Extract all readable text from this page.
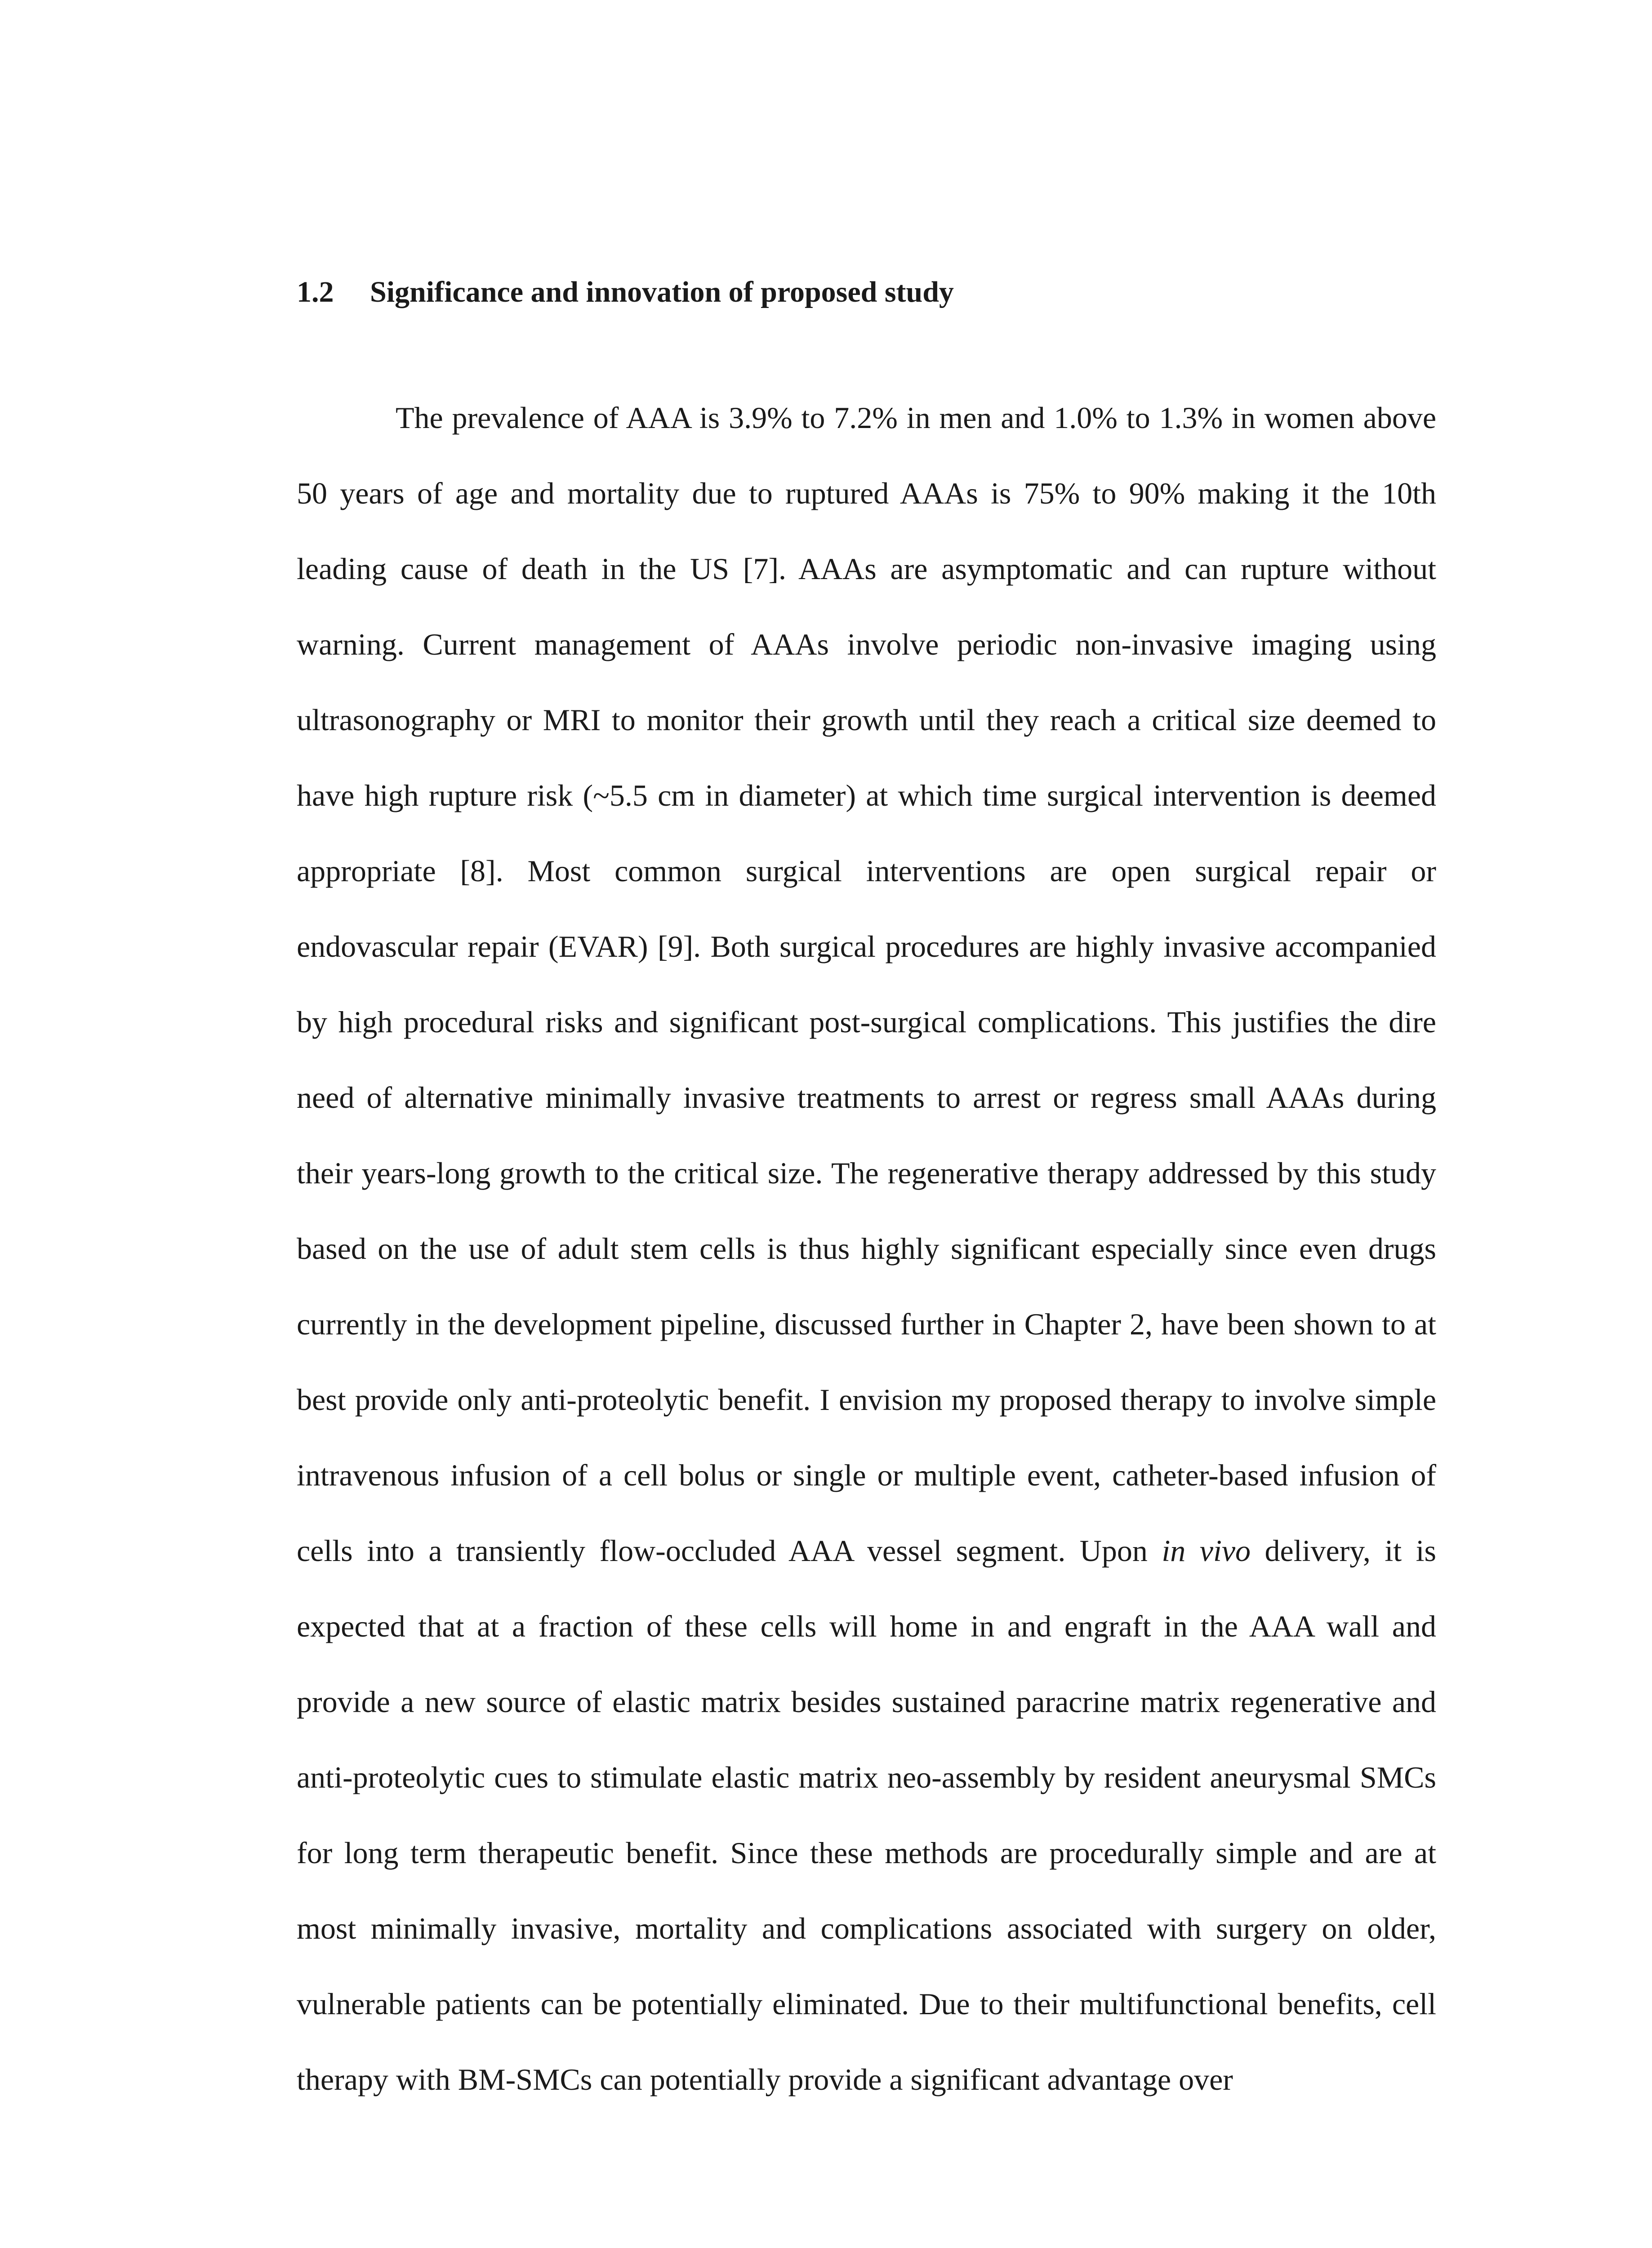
1.2 Significance and innovation of proposed study

The prevalence of AAA is 3.9% to 7.2% in men and 1.0% to 1.3% in women above 50 years of age and mortality due to ruptured AAAs is 75% to 90% making it the 10th leading cause of death in the US [7]. AAAs are asymptomatic and can rupture without warning. Current management of AAAs involve periodic non-invasive imaging using ultrasonography or MRI to monitor their growth until they reach a critical size deemed to have high rupture risk (~5.5 cm in diameter) at which time surgical intervention is deemed appropriate [8]. Most common surgical interventions are open surgical repair or endovascular repair (EVAR) [9]. Both surgical procedures are highly invasive accompanied by high procedural risks and significant post-surgical complications. This justifies the dire need of alternative minimally invasive treatments to arrest or regress small AAAs during their years-long growth to the critical size. The regenerative therapy addressed by this study based on the use of adult stem cells is thus highly significant especially since even drugs currently in the development pipeline, discussed further in Chapter 2, have been shown to at best provide only anti-proteolytic benefit. I envision my proposed therapy to involve simple intravenous infusion of a cell bolus or single or multiple event, catheter-based infusion of cells into a transiently flow-occluded AAA vessel segment. Upon in vivo delivery, it is expected that at a fraction of these cells will home in and engraft in the AAA wall and provide a new source of elastic matrix besides sustained paracrine matrix regenerative and anti-proteolytic cues to stimulate elastic matrix neo-assembly by resident aneurysmal SMCs for long term therapeutic benefit. Since these methods are procedurally simple and are at most minimally invasive, mortality and complications associated with surgery on older, vulnerable patients can be potentially eliminated. Due to their multifunctional benefits, cell therapy with BM-SMCs can potentially provide a significant advantage over
